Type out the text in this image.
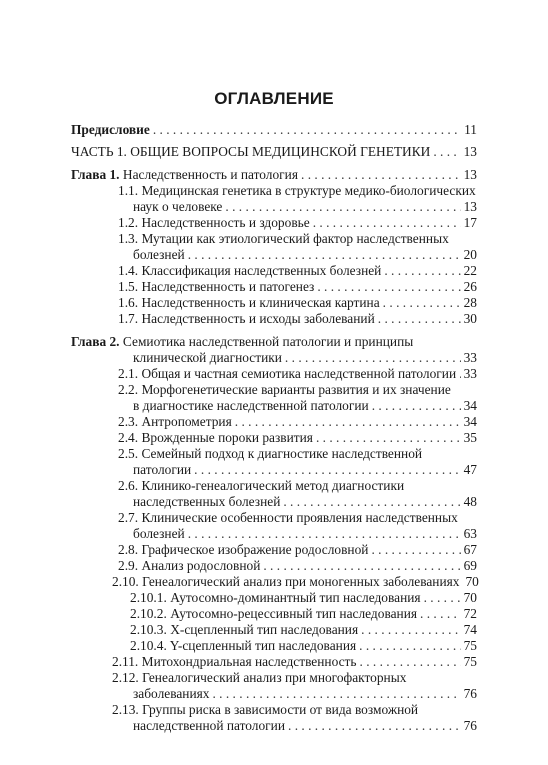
ОГЛАВЛЕНИЕ
Предисловие . . .	11
ЧАСТЬ 1. ОБЩИЕ ВОПРОСЫ МЕДИЦИНСКОЙ ГЕНЕТИКИ . . . 13
Глава 1. Наследственность и патология . . .	13
1.1. Медицинская генетика в структуре медико-биологических
наук о человеке . . .	13
1.2. Наследственность и здоровье . . .	17
1.3. Мутации как этиологический фактор наследственных
болезней . . .	20
1.4. Классификация наследственных болезней . . .	22
1.5. Наследственность и патогенез . . .	26
1.6. Наследственность и клиническая картина . . .	28
1.7. Наследственность и исходы заболеваний . . .	30
Глава 2. Семиотика наследственной патологии и принципы
клинической диагностики . . .	33
2.1. Общая и частная семиотика наследственной патологии . . . 33
2.2. Морфогенетические варианты развития и их значение
в диагностике наследственной патологии . . .	34
2.3. Антропометрия . . .	34
2.4. Врожденные пороки развития . . .	35
2.5. Семейный подход к диагностике наследственной
патологии . . .	47
2.6. Клинико-генеалогический метод диагностики
наследственных болезней . . .	48
2.7. Клинические особенности проявления наследственных
болезней . . .	63
2.8. Графическое изображение родословной . . .	67
2.9. Анализ родословной . . .	69
2.10. Генеалогический анализ при моногенных заболеваниях 70
2.10.1. Аутосомно-доминантный тип наследования . . .	70
2.10.2. Аутосомно-рецессивный тип наследования . . .	72
2.10.3. X-сцепленный тип наследования . . .	74
2.10.4. Y-сцепленный тип наследования . . .	75
2.11. Митохондриальная наследственность . . .	75
2.12. Генеалогический анализ при многофакторных
заболеваниях . . .	76
2.13. Группы риска в зависимости от вида возможной
наследственной патологии . . .	76
